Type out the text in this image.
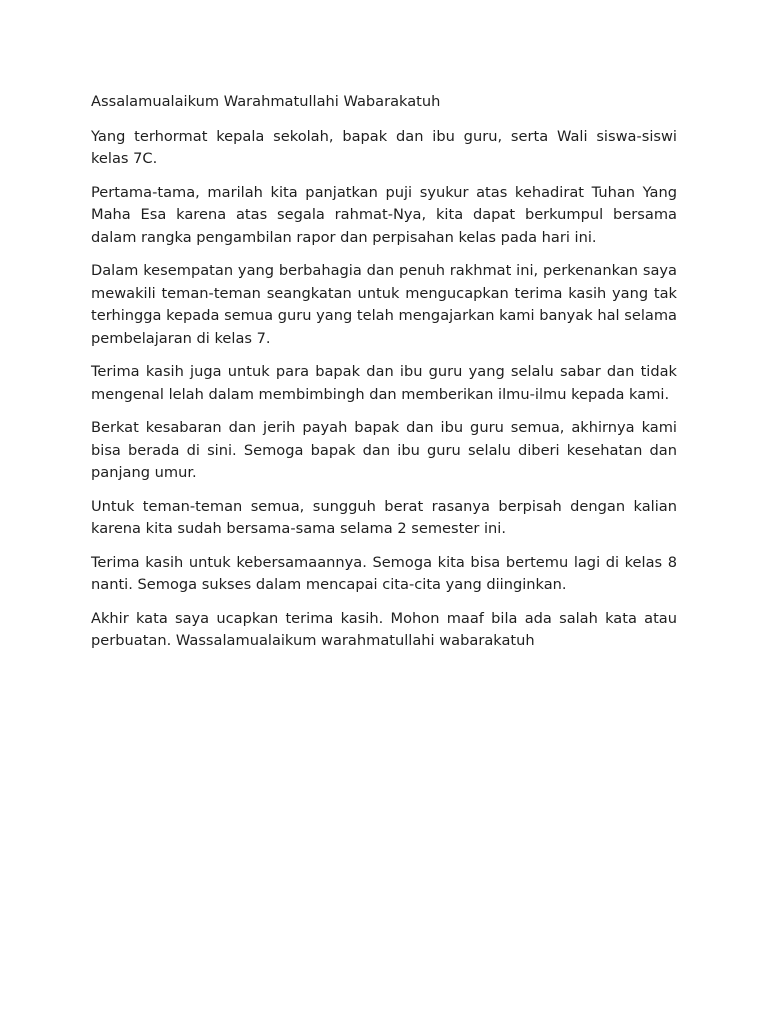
Assalamualaikum Warahmatullahi Wabarakatuh

Yang terhormat kepala sekolah, bapak dan ibu guru, serta Wali siswa-siswi kelas 7C.

Pertama-tama, marilah kita panjatkan puji syukur atas kehadirat Tuhan Yang Maha Esa karena atas segala rahmat-Nya, kita dapat berkumpul bersama dalam rangka pengambilan rapor dan perpisahan kelas pada hari ini.

Dalam kesempatan yang berbahagia dan penuh rakhmat ini, perkenankan saya mewakili teman-teman seangkatan untuk mengucapkan terima kasih yang tak terhingga kepada semua guru yang telah mengajarkan kami banyak hal selama pembelajaran di kelas 7.

Terima kasih juga untuk para bapak dan ibu guru yang selalu sabar dan tidak mengenal lelah dalam membimbingh dan memberikan ilmu-ilmu kepada kami.

Berkat kesabaran dan jerih payah bapak dan ibu guru semua, akhirnya kami bisa berada di sini. Semoga bapak dan ibu guru selalu diberi kesehatan dan panjang umur.

Untuk teman-teman semua, sungguh berat rasanya berpisah dengan kalian karena kita sudah bersama-sama selama 2 semester ini.

Terima kasih untuk kebersamaannya. Semoga kita bisa bertemu lagi di kelas 8 nanti. Semoga sukses dalam mencapai cita-cita yang diinginkan.

Akhir kata saya ucapkan terima kasih. Mohon maaf bila ada salah kata atau perbuatan. Wassalamualaikum warahmatullahi wabarakatuh
